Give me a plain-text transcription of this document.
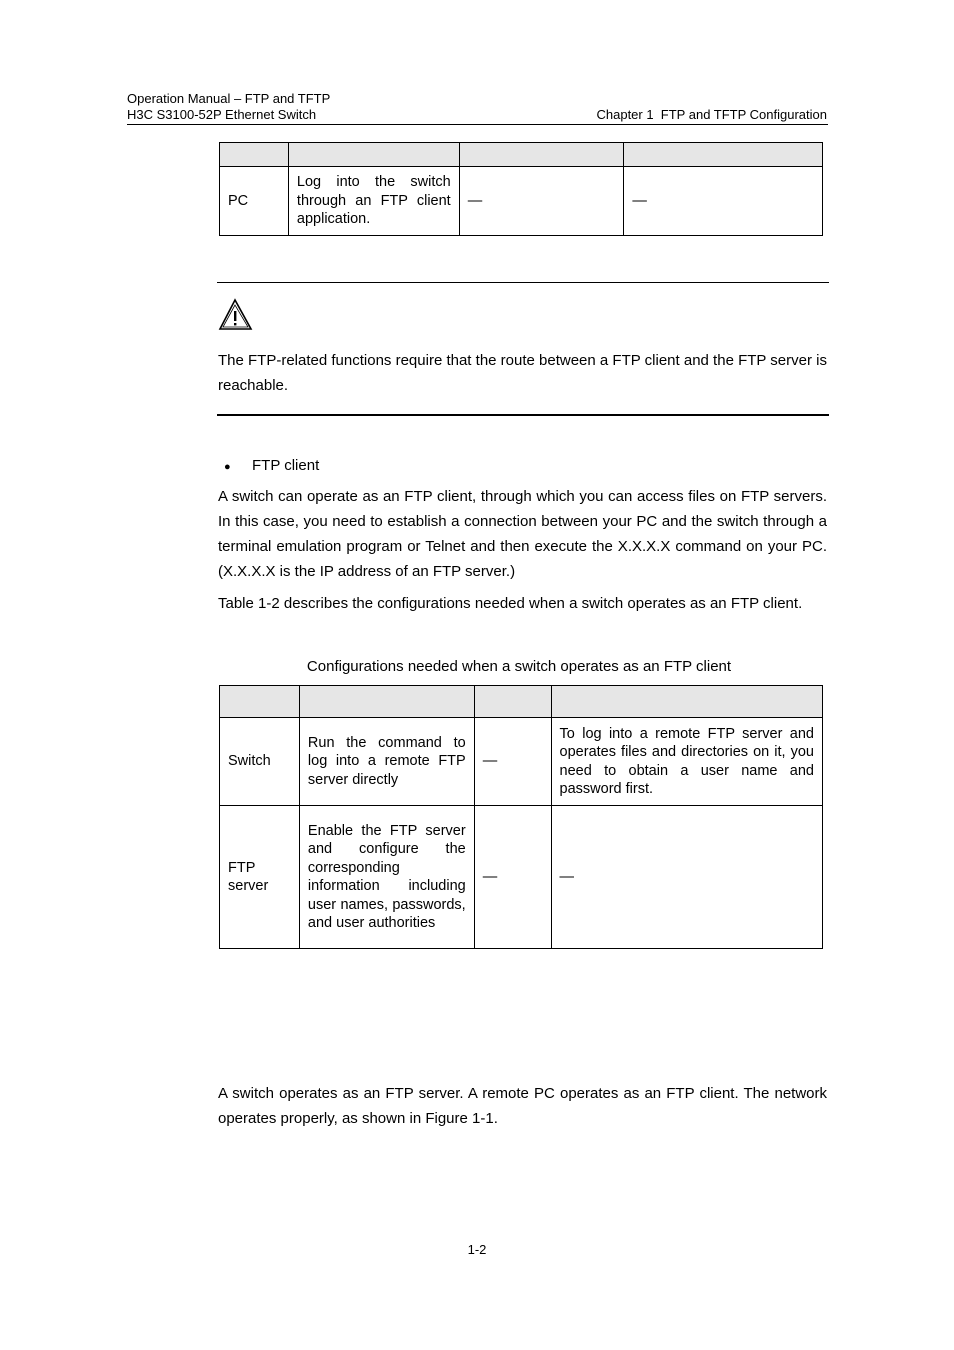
Operation Manual – FTP and TFTP
H3C S3100-52P Ethernet Switch	Chapter 1  FTP and TFTP Configuration

PC	Log into the switch through an FTP client application.	—	—
The FTP-related functions require that the route between a FTP client and the FTP server is reachable.
● FTP client
A switch can operate as an FTP client, through which you can access files on FTP servers. In this case, you need to establish a connection between your PC and the switch through a terminal emulation program or Telnet and then execute the X.X.X.X command on your PC. (X.X.X.X is the IP address of an FTP server.)
Table 1-2 describes the configurations needed when a switch operates as an FTP client.
Configurations needed when a switch operates as an FTP client

Switch	Run the command to log into a remote FTP server directly	—	To log into a remote FTP server and operates files and directories on it, you need to obtain a user name and password first.
FTP server	Enable the FTP server and configure the corresponding information including user names, passwords, and user authorities	—	—
A switch operates as an FTP server. A remote PC operates as an FTP client. The network operates properly, as shown in Figure 1-1.
1-2
